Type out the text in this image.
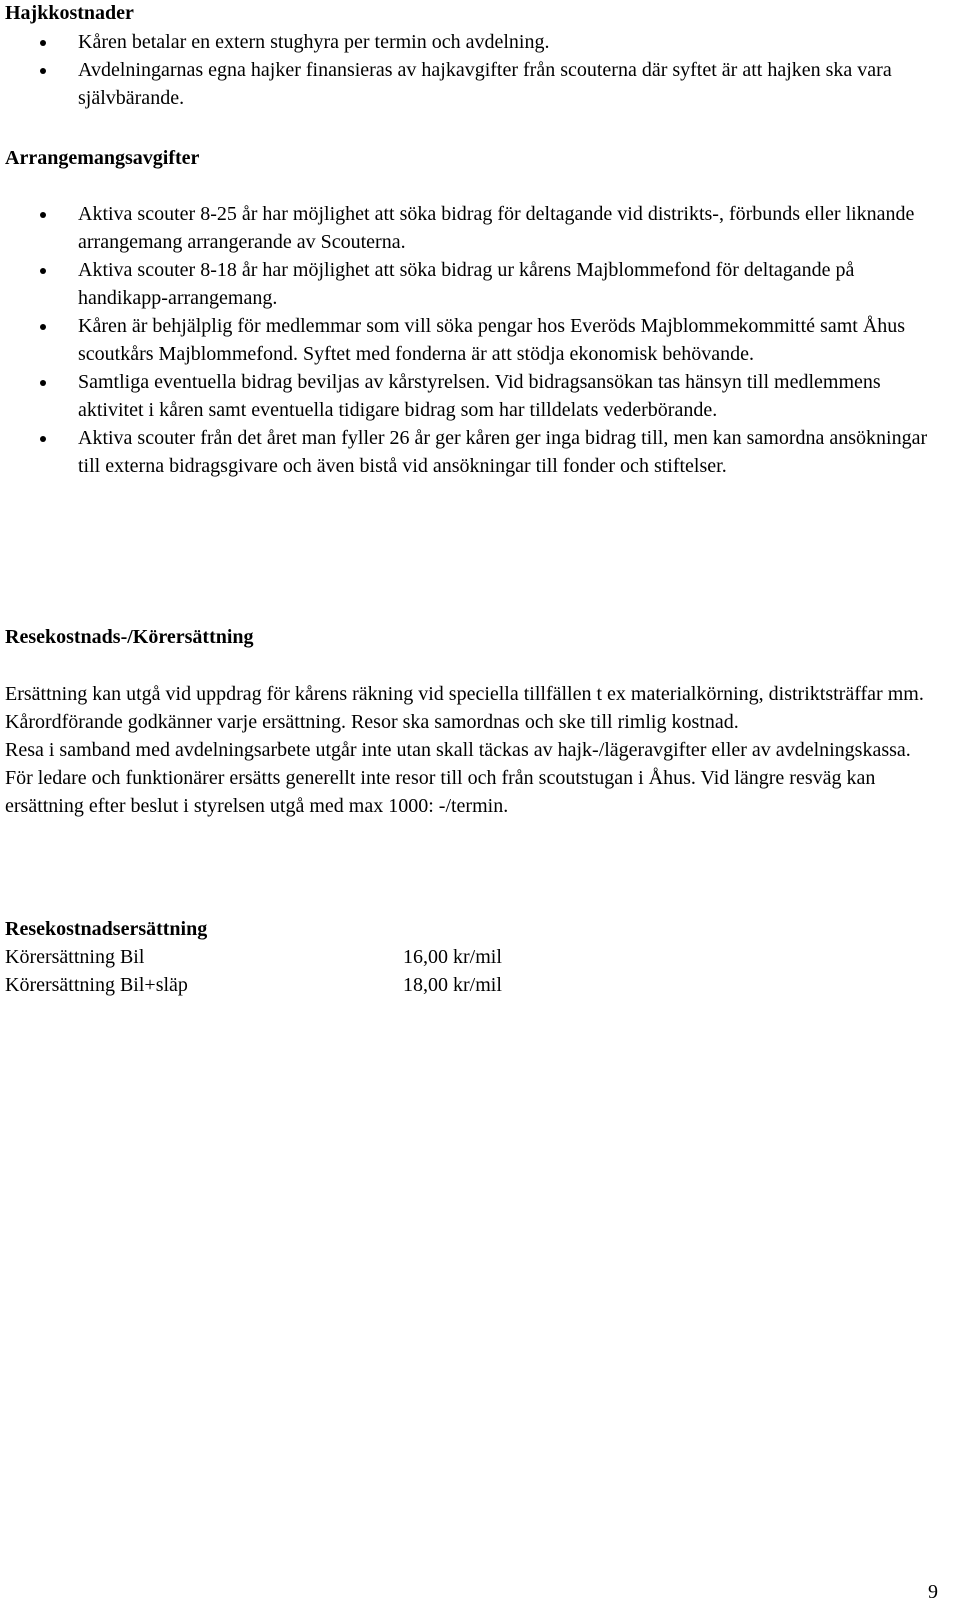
Hajkkostnader
Kåren betalar en extern stughyra per termin och avdelning.
Avdelningarnas egna hajker finansieras av hajkavgifter från scouterna där syftet är att hajken ska vara självbärande.
Arrangemangsavgifter
Aktiva scouter 8-25 år har möjlighet att söka bidrag för deltagande vid distrikts-, förbunds eller liknande arrangemang arrangerande av Scouterna.
Aktiva scouter 8-18 år har möjlighet att söka bidrag ur kårens Majblommefond för deltagande på handikapp-arrangemang.
Kåren är behjälplig för medlemmar som vill söka pengar hos Everöds Majblommekommitté samt Åhus scoutkårs Majblommefond. Syftet med fonderna är att stödja ekonomisk behövande.
Samtliga eventuella bidrag beviljas av kårstyrelsen. Vid bidragsansökan tas hänsyn till medlemmens aktivitet i kåren samt eventuella tidigare bidrag som har tilldelats vederbörande.
Aktiva scouter från det året man fyller 26 år ger kåren ger inga bidrag till, men kan samordna ansökningar till externa bidragsgivare och även bistå vid ansökningar till fonder och stiftelser.
Resekostnads-/Körersättning

Ersättning kan utgå vid uppdrag för kårens räkning vid speciella tillfällen t ex materialkörning, distriktsträffar mm. Kårordförande godkänner varje ersättning. Resor ska samordnas och ske till rimlig kostnad.

Resa i samband med avdelningsarbete utgår inte utan skall täckas av hajk-/lägeravgifter eller av avdelningskassa.

För ledare och funktionärer ersätts generellt inte resor till och från scoutstugan i Åhus. Vid längre resväg kan ersättning efter beslut i styrelsen utgå med max 1000: -/termin.

Resekostnadsersättning
Körersättning Bil	16,00 kr/mil
Körersättning Bil+släp	18,00 kr/mil
9
